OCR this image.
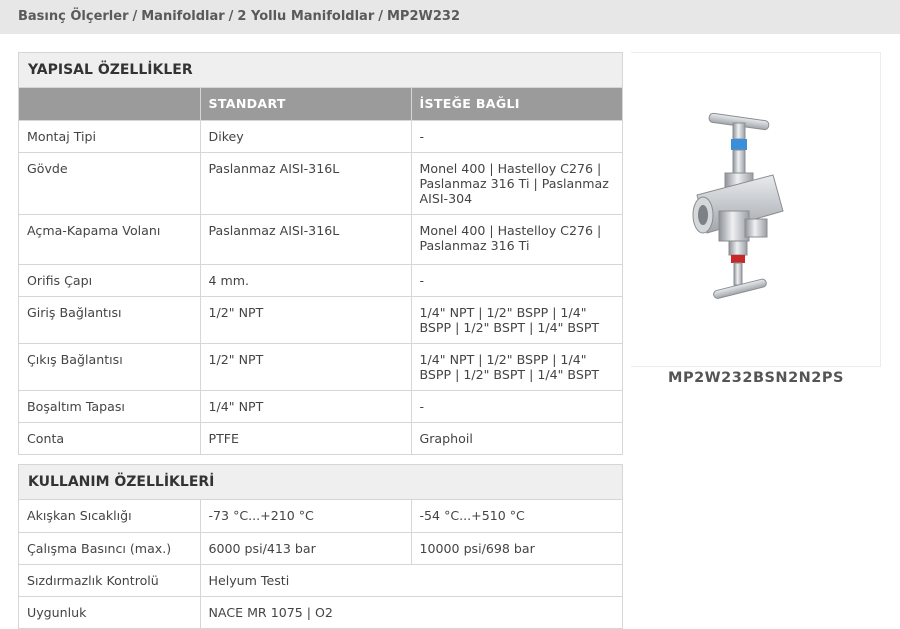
Basınç Ölçerler / Manifoldlar / 2 Yollu Manifoldlar / MP2W232
YAPISAL ÖZELLİKLER
	STANDART	İSTEĞE BAĞLI
Montaj Tipi	Dikey	-
Gövde	Paslanmaz AISI-316L	Monel 400 | Hastelloy C276 | Paslanmaz 316 Ti | Paslanmaz AISI-304
Açma-Kapama Volanı	Paslanmaz AISI-316L	Monel 400 | Hastelloy C276 | Paslanmaz 316 Ti
Orifis Çapı	4 mm.	-
Giriş Bağlantısı	1/2" NPT	1/4" NPT | 1/2" BSPP | 1/4" BSPP | 1/2" BSPT | 1/4" BSPT
Çıkış Bağlantısı	1/2" NPT	1/4" NPT | 1/2" BSPP | 1/4" BSPP | 1/2" BSPT | 1/4" BSPT
Boşaltım Tapası	1/4" NPT	-
Conta	PTFE	Graphoil
KULLANIM ÖZELLİKLERİ
Akışkan Sıcaklığı	-73 °C...+210 °C	-54 °C...+510 °C
Çalışma Basıncı (max.)	6000 psi/413 bar	10000 psi/698 bar
Sızdırmazlık Kontrolü	Helyum Testi	
Uygunluk	NACE MR 1075 | O2	
MP2W232BSN2N2PS
